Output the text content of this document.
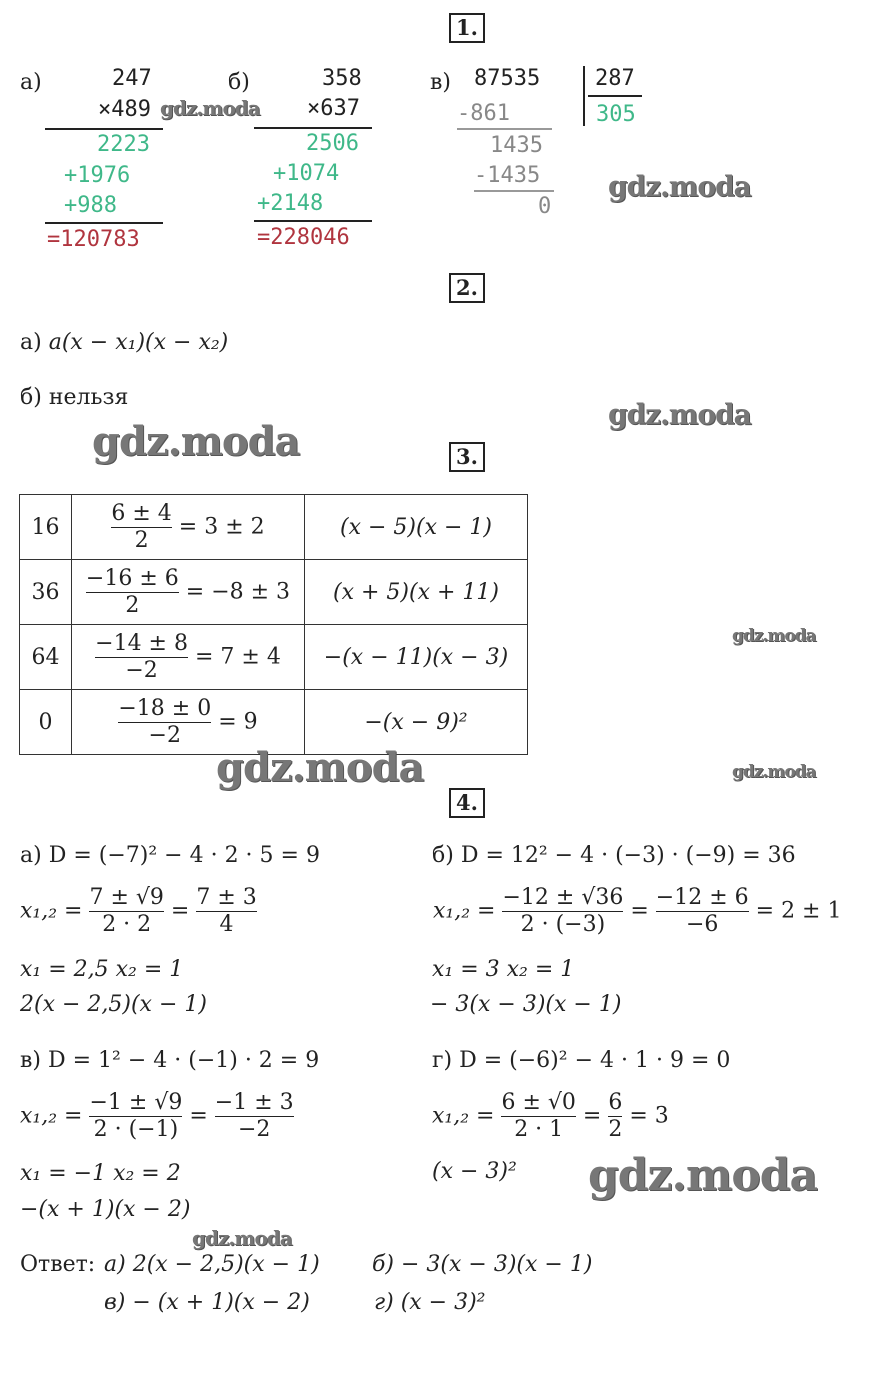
1.
2.
3.
4.
а)	247
×489
2223
+1976
+988
=120783
б)	358
×637
2506
+1074
+2148
=228046
в) 87535 287
305
-861
1435
-1435
0
а) a(x − x₁)(x − x₂)
б) нельзя
16	$\frac{6 \pm 4}{2} = 3 \pm 2$	(x − 5)(x − 1)
36	$\frac{-16 \pm 6}{2} = -8 \pm 3$	(x + 5)(x + 11)
64	$\frac{-14 \pm 8}{-2} = 7 \pm 4$	−(x − 11)(x − 3)
0	$\frac{-18 \pm 0}{-2} = 9$	−(x − 9)²
а) D = (−7)² − 4 · 2 · 5 = 9
$x_1,_2 = \frac{7 \pm √9}{2 \cdot 2} = \frac{7 \pm 3}{4}$
x₁ = 2,5 x₂ = 1
2(x − 2,5)(x − 1)
б) D = 12² − 4 · (−3) · (−9) = 36
$x_1,_2 = \frac{-12 \pm √36}{2 \cdot (-3)} = \frac{-12 \pm 6}{-6} = 2 \pm 1$
x₁ = 3 x₂ = 1
− 3(x − 3)(x − 1)
в) D = 1² − 4 · (−1) · 2 = 9
$x_1,_2 = \frac{-1 \pm √9}{2 \cdot (-1)} = \frac{-1 \pm 3}{-2}$
x₁ = −1 x₂ = 2
−(x + 1)(x − 2)
г) D = (−6)² − 4 · 1 · 9 = 0
$x_1,_2 = \frac{6 \pm √0}{2 \cdot 1} = \frac{6}{2} = 3$
(x − 3)²
Ответ: а) 2(x − 2,5)(x − 1) б) − 3(x − 3)(x − 1)
в) − (x + 1)(x − 2)	г) (x − 3)²
gdz.moda
gdz.moda
gdz.moda
gdz.moda
gdz.moda
gdz.moda	gdz.moda
gdz.moda
gdz.moda
